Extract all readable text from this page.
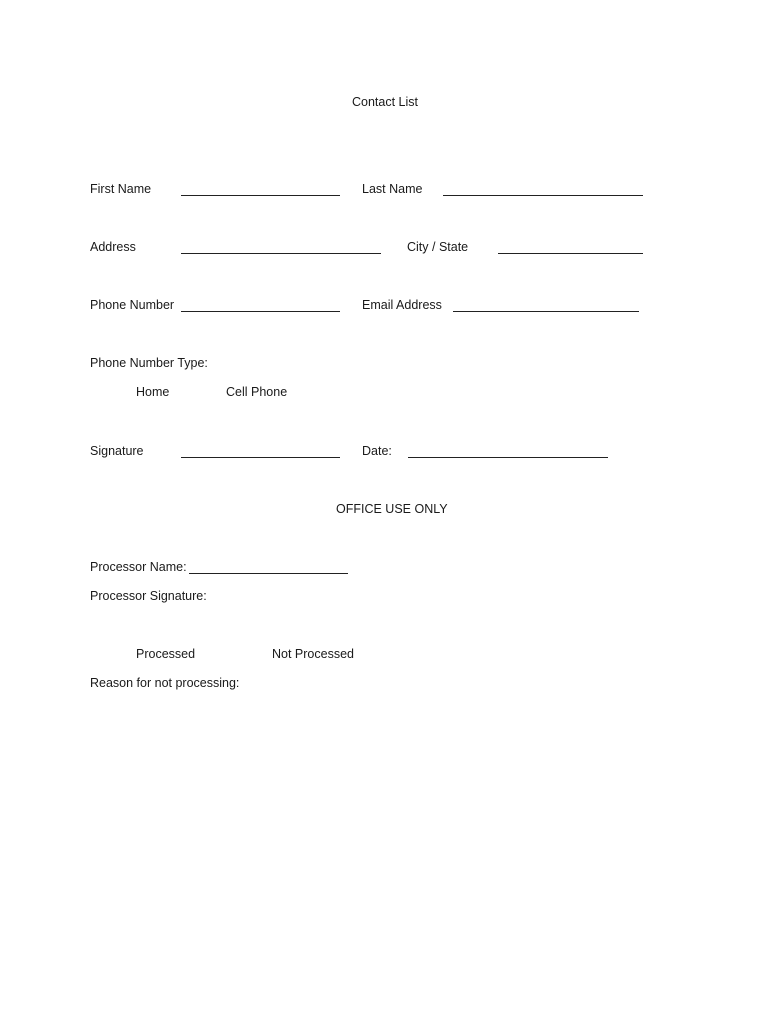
Contact List
First Name	Last Name
Address	City / State
Phone Number	Email Address
Phone Number Type:
Home	Cell Phone
Signature	Date:
OFFICE USE ONLY
Processor Name:
Processor Signature:
Processed	Not Processed
Reason for not processing:
